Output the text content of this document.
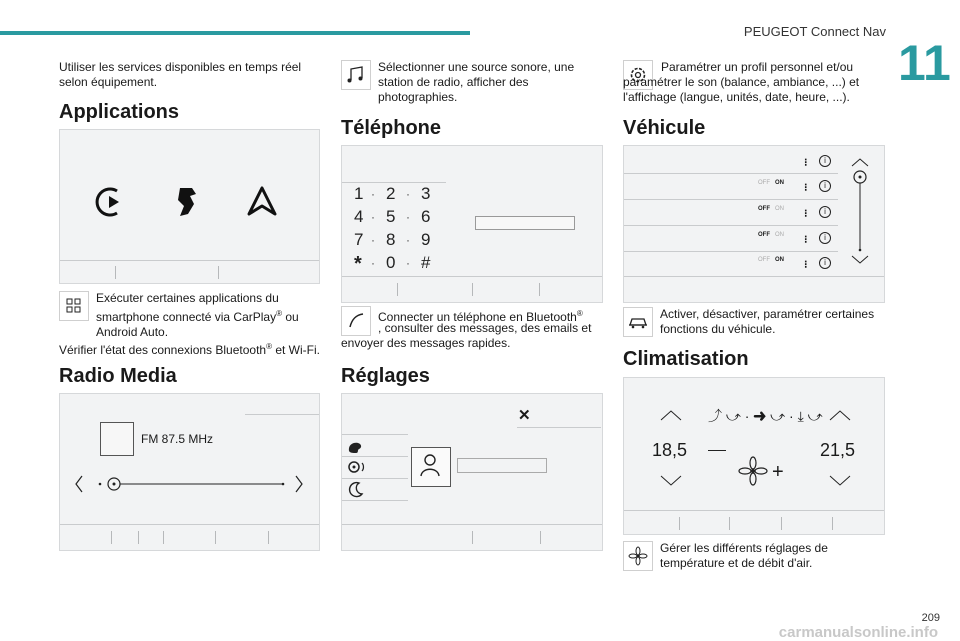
PEUGEOT Connect Nav
11
209
carmanualsonline.info

Utiliser les services disponibles en temps réel selon équipement.

Applications

Exécuter certaines applications du smartphone connecté via CarPlay® ou Android Auto.

Vérifier l'état des connexions Bluetooth® et Wi-Fi.

Radio Media
FM 87.5 MHz

Sélectionner une source sonore, une station de radio, afficher des photographies.

Téléphone
1 · 2 · 3
4 · 5 · 6
7 · 8 · 9
* · 0 · #

Connecter un téléphone en Bluetooth®

, consulter des messages, des emails et envoyer des messages rapides.

Réglages
✕

Paramétrer un profil personnel et/ou paramétrer le son (balance, ambiance, ...) et l'affichage (langue, unités, date, heure, ...).

Véhicule
⁝	i
OFF ON	⁝	i
OFF ON	⁝	i
OFF ON	⁝	i
OFF ON	⁝	i

Activer, désactiver, paramétrer certaines fonctions du véhicule.

Climatisation
⤴︎ ⤻ · ➜ ⤻ · ⤓ ⤻
18,5	21,5
+

Gérer les différents réglages de température et de débit d'air.
